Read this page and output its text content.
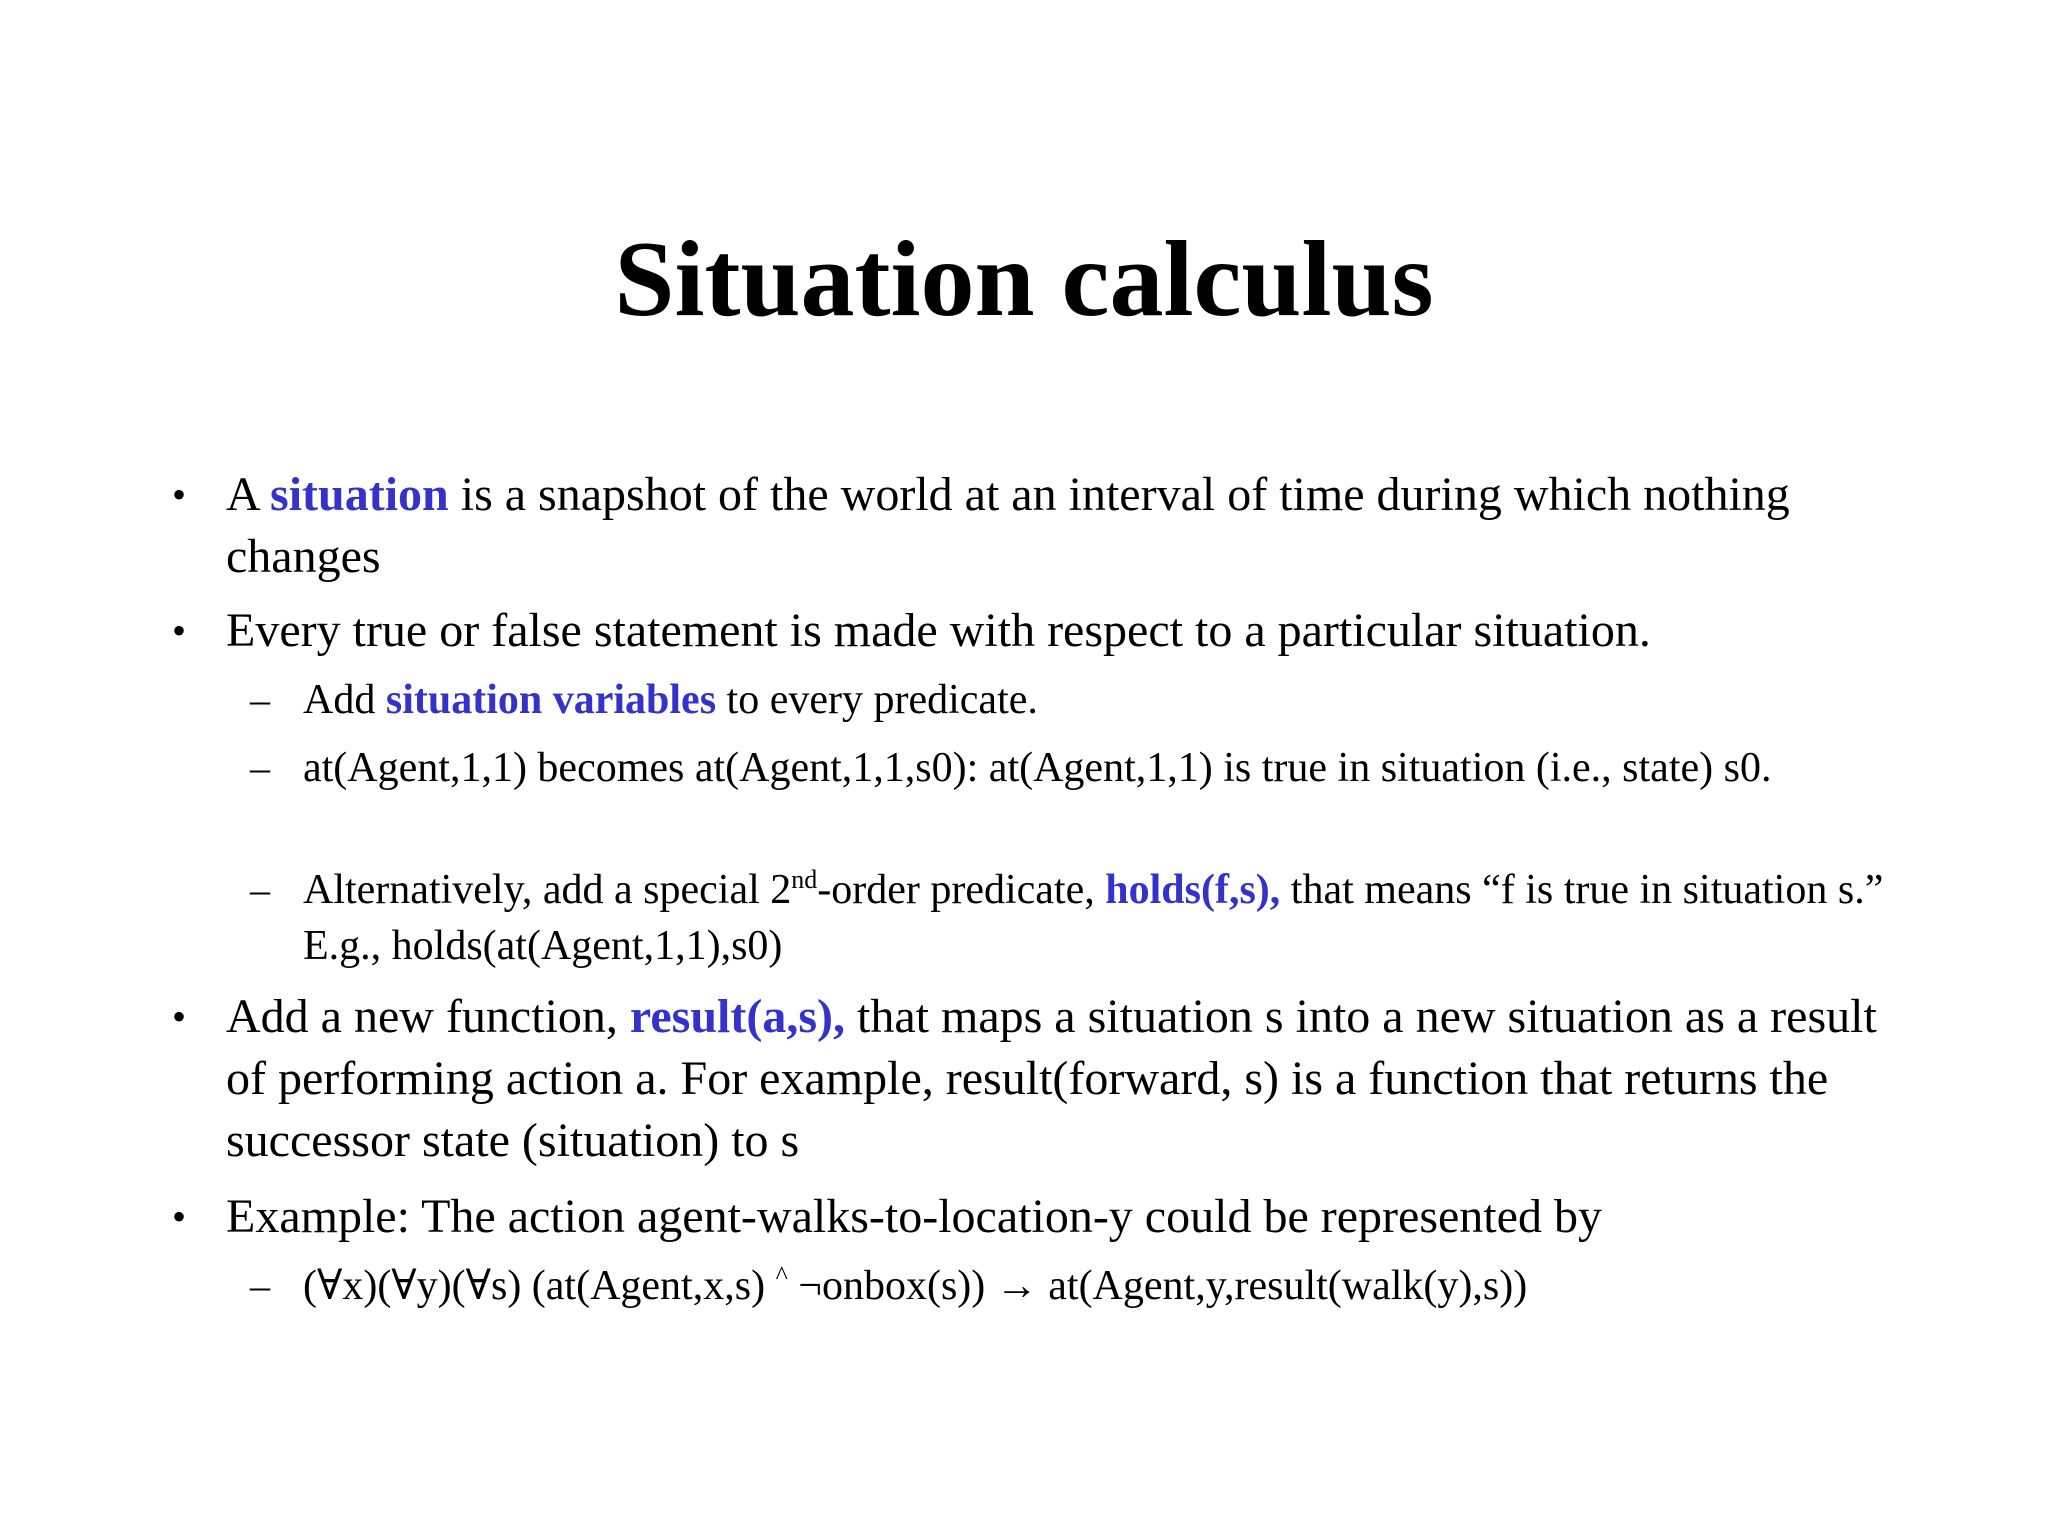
Situation calculus
• A situation is a snapshot of the world at an interval of time during which nothing changes
• Every true or false statement is made with respect to a particular situation.
– Add situation variables to every predicate.
– at(Agent,1,1) becomes at(Agent,1,1,s0): at(Agent,1,1) is true in situation (i.e., state) s0.
– Alternatively, add a special 2nd-order predicate, holds(f,s), that means “f is true in situation s.” E.g., holds(at(Agent,1,1),s0)
• Add a new function, result(a,s), that maps a situation s into a new situation as a result of performing action a. For example, result(forward, s) is a function that returns the successor state (situation) to s
• Example: The action agent-walks-to-location-y could be represented by
– (∀x)(∀y)(∀s) (at(Agent,x,s) ^ ¬onbox(s)) → at(Agent,y,result(walk(y),s))
